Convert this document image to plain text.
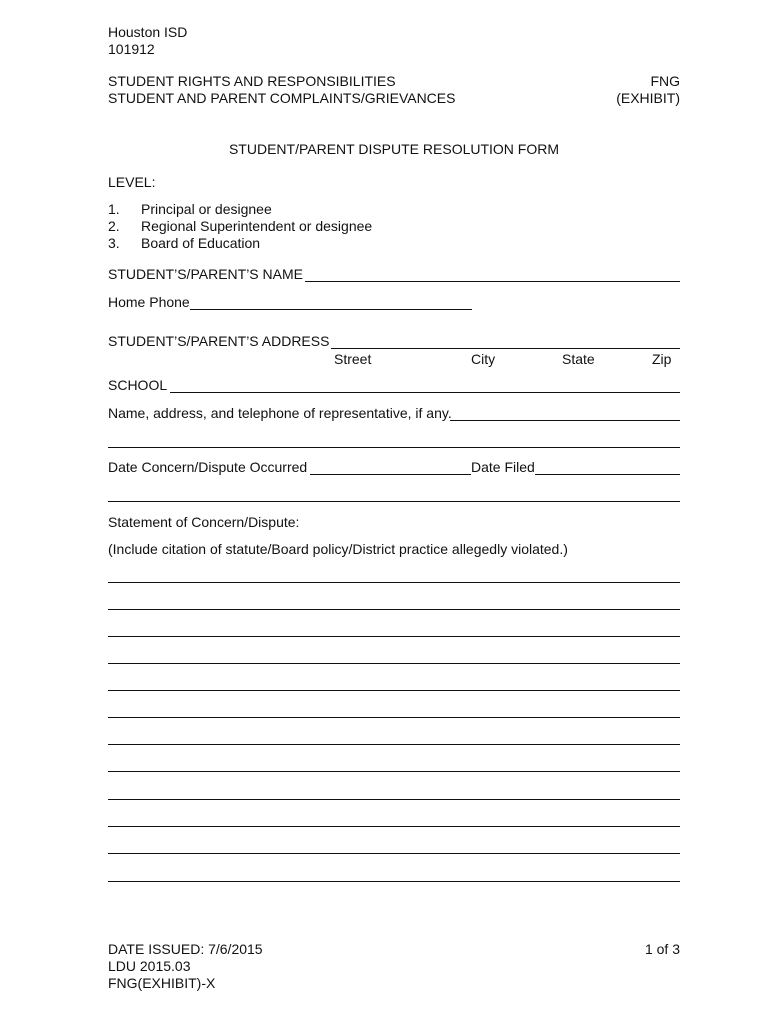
Houston ISD
101912
STUDENT RIGHTS AND RESPONSIBILITIES
STUDENT AND PARENT COMPLAINTS/GRIEVANCES
FNG
(EXHIBIT)
STUDENT/PARENT DISPUTE RESOLUTION FORM
LEVEL:
1. Principal or designee
2. Regional Superintendent or designee
3. Board of Education
STUDENT’S/PARENT’S NAME
Home Phone
STUDENT’S/PARENT’S ADDRESS
Street	City	State	Zip
SCHOOL
Name, address, and telephone of representative, if any.
Date Concern/Dispute Occurred	Date Filed
Statement of Concern/Dispute:
(Include citation of statute/Board policy/District practice allegedly violated.)
DATE ISSUED: 7/6/2015
LDU 2015.03
FNG(EXHIBIT)-X
1 of 3
